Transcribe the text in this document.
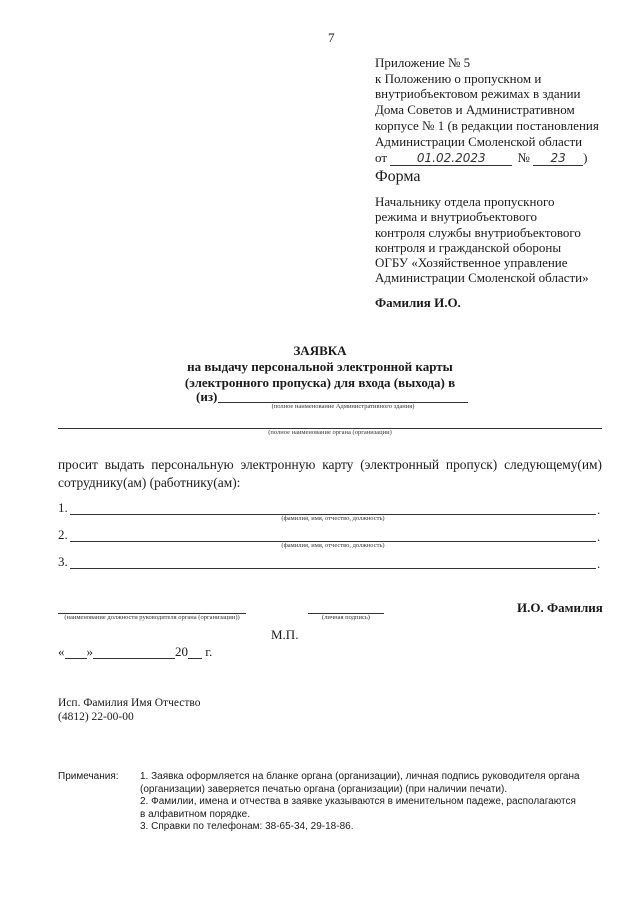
7
Приложение № 5
к Положению о пропускном и
внутриобъектовом режимах в здании
Дома Советов и Административном
корпусе № 1 (в редакции постановления
Администрации Смоленской области
от 01.02.2023 № 23 )
Форма
Начальнику отдела пропускного
режима и внутриобъектового
контроля службы внутриобъектового
контроля и гражданской обороны
ОГБУ «Хозяйственное управление
Администрации Смоленской области»
Фамилия И.О.
ЗАЯВКА
на выдачу персональной электронной карты
(электронного пропуска) для входа (выхода) в
(из)
(полное наименование Административного здания)
(полное наименование органа (организации)
просит выдать персональную электронную карту (электронный пропуск) следующему(им) сотруднику(ам) (работнику(ам):
1.	.
(фамилия, имя, отчество, должность)
2.	.
(фамилия, имя, отчество, должность)
3.	.
(наименование должности руководителя органа (организации))	(личная подпись)
И.О. Фамилия
М.П.
« »	20 г.
Исп. Фамилия Имя Отчество
(4812) 22-00-00
Примечания: 1. Заявка оформляется на бланке органа (организации), личная подпись руководителя органа (организации) заверяется печатью органа (организации) (при наличии печати).
2. Фамилии, имена и отчества в заявке указываются в именительном падеже, располагаются в алфавитном порядке.
3. Справки по телефонам: 38-65-34, 29-18-86.
